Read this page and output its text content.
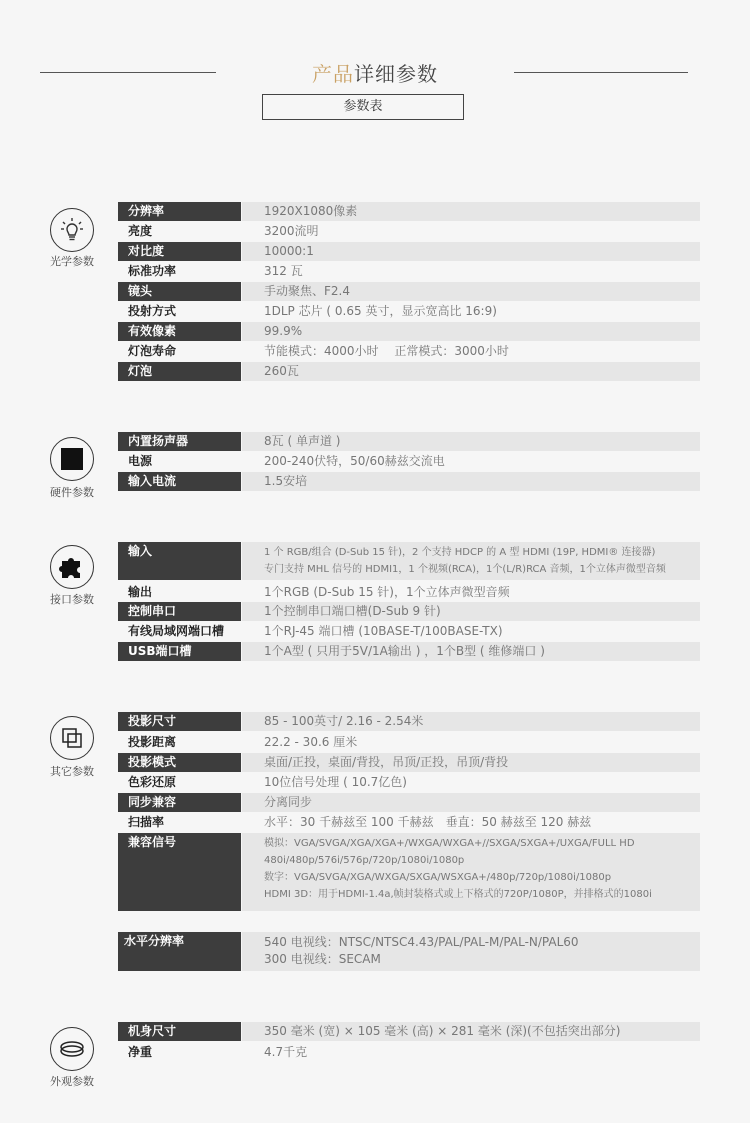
产品详细参数
参数表
光学参数
分辨率	1920X1080像素
亮度	3200流明
对比度	10000:1
标准功率	312 瓦
镜头	手动聚焦、F2.4
投射方式	1DLP 芯片 ( 0.65 英寸，显示宽高比 16:9)
有效像素	99.9%
灯泡寿命	节能模式：4000小时　 正常模式：3000小时
灯泡	260瓦
硬件参数
内置扬声器	8瓦 ( 单声道 )
电源	200-240伏特，50/60赫兹交流电
输入电流	1.5安培
接口参数
输入	1 个 RGB/组合 (D-Sub 15 针)，2 个支持 HDCP 的 A 型 HDMI (19P, HDMI® 连接器)
专门支持 MHL 信号的 HDMI1，1 个视频(RCA)，1个(L/R)RCA 音频，1个立体声微型音频
输出	1个RGB (D-Sub 15 针)，1个立体声微型音频
控制串口	1个控制串口端口槽(D-Sub 9 针)
有线局域网端口槽	1个RJ-45 端口槽 (10BASE-T/100BASE-TX)
USB端口槽	1个A型 ( 只用于5V/1A输出 ) ，1个B型 ( 维修端口 )
其它参数
投影尺寸	85 - 100英寸/ 2.16 - 2.54米
投影距离	22.2 - 30.6 厘米
投影模式	桌面/正投，桌面/背投，吊顶/正投，吊顶/背投
色彩还原	10位信号处理 ( 10.7亿色)
同步兼容	分离同步
扫描率	水平：30 千赫兹至 100 千赫兹　垂直：50 赫兹至 120 赫兹
兼容信号	模拟：VGA/SVGA/XGA/XGA+/WXGA/WXGA+//SXGA/SXGA+/UXGA/FULL HD
480i/480p/576i/576p/720p/1080i/1080p
数字：VGA/SVGA/XGA/WXGA/SXGA/WSXGA+/480p/720p/1080i/1080p
HDMI 3D：用于HDMI-1.4a,帧封装格式或上下格式的720P/1080P，并排格式的1080i
水平分辨率	540 电视线：NTSC/NTSC4.43/PAL/PAL-M/PAL-N/PAL60
300 电视线：SECAM
外观参数
机身尺寸	350 毫米 (宽) × 105 毫米 (高) × 281 毫米 (深)(不包括突出部分)
净重	4.7千克
